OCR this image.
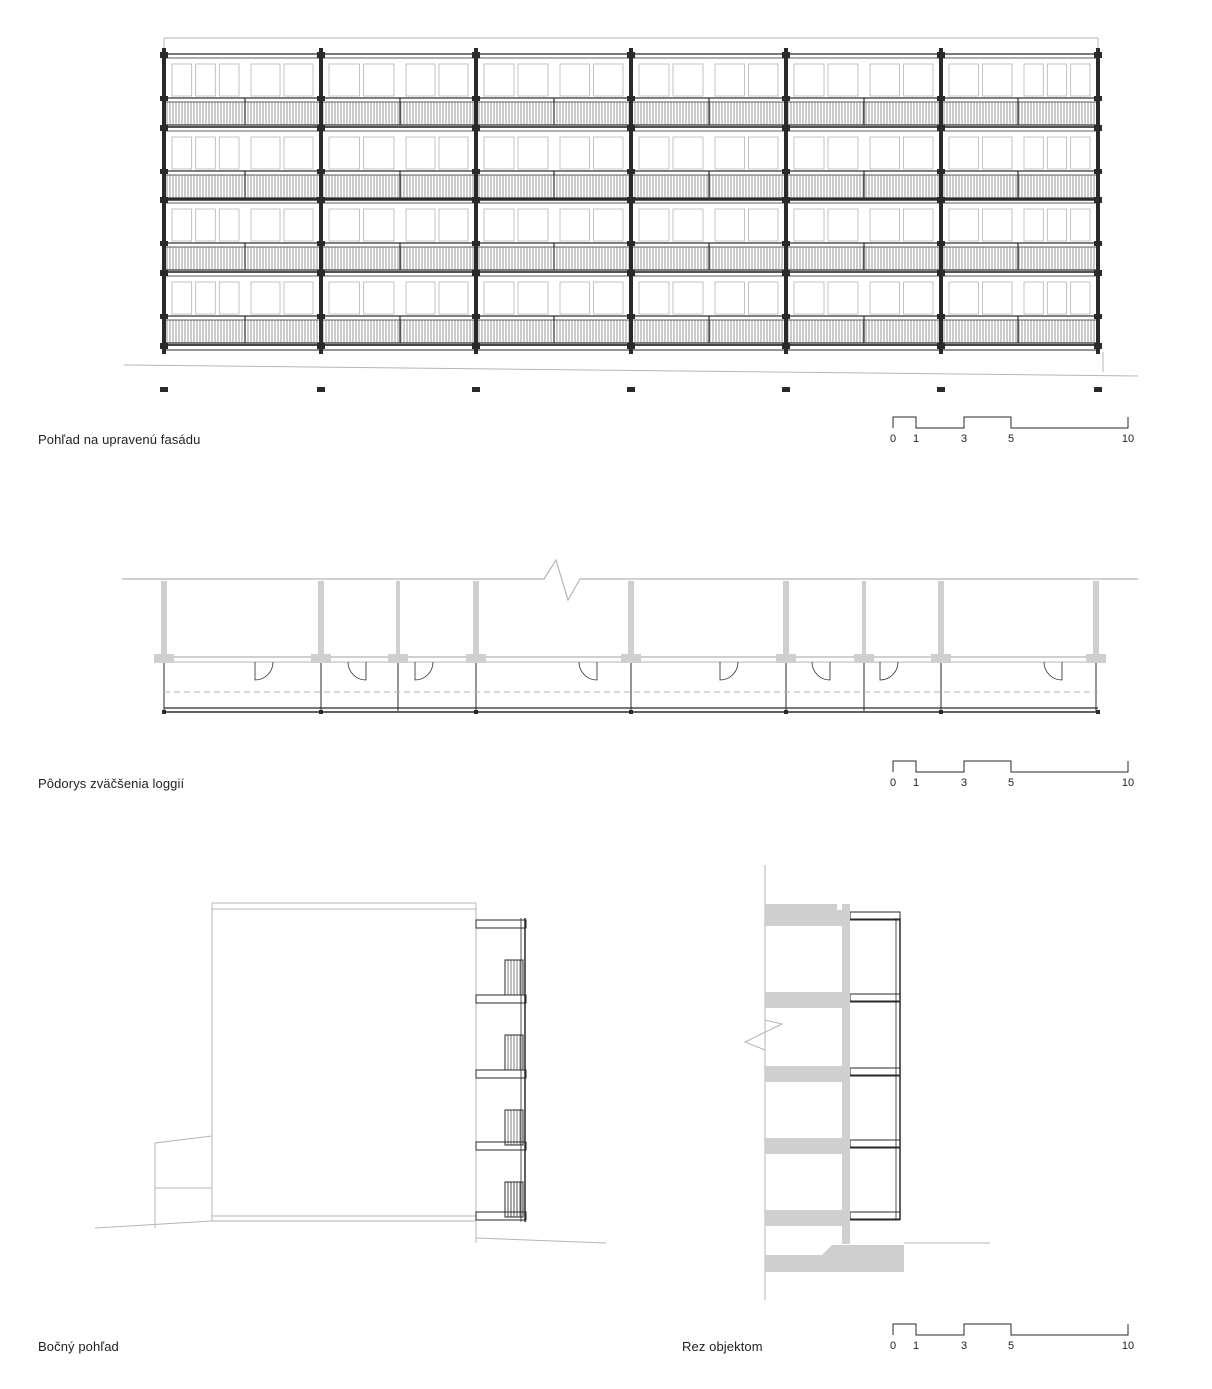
Pohľad na upravenú fasádu
Pôdorys zväčšenia loggií
Bočný pohľad	Rez objektom
0 1	3	5	10
0 1	3	5	10
0 1	3	5	10
